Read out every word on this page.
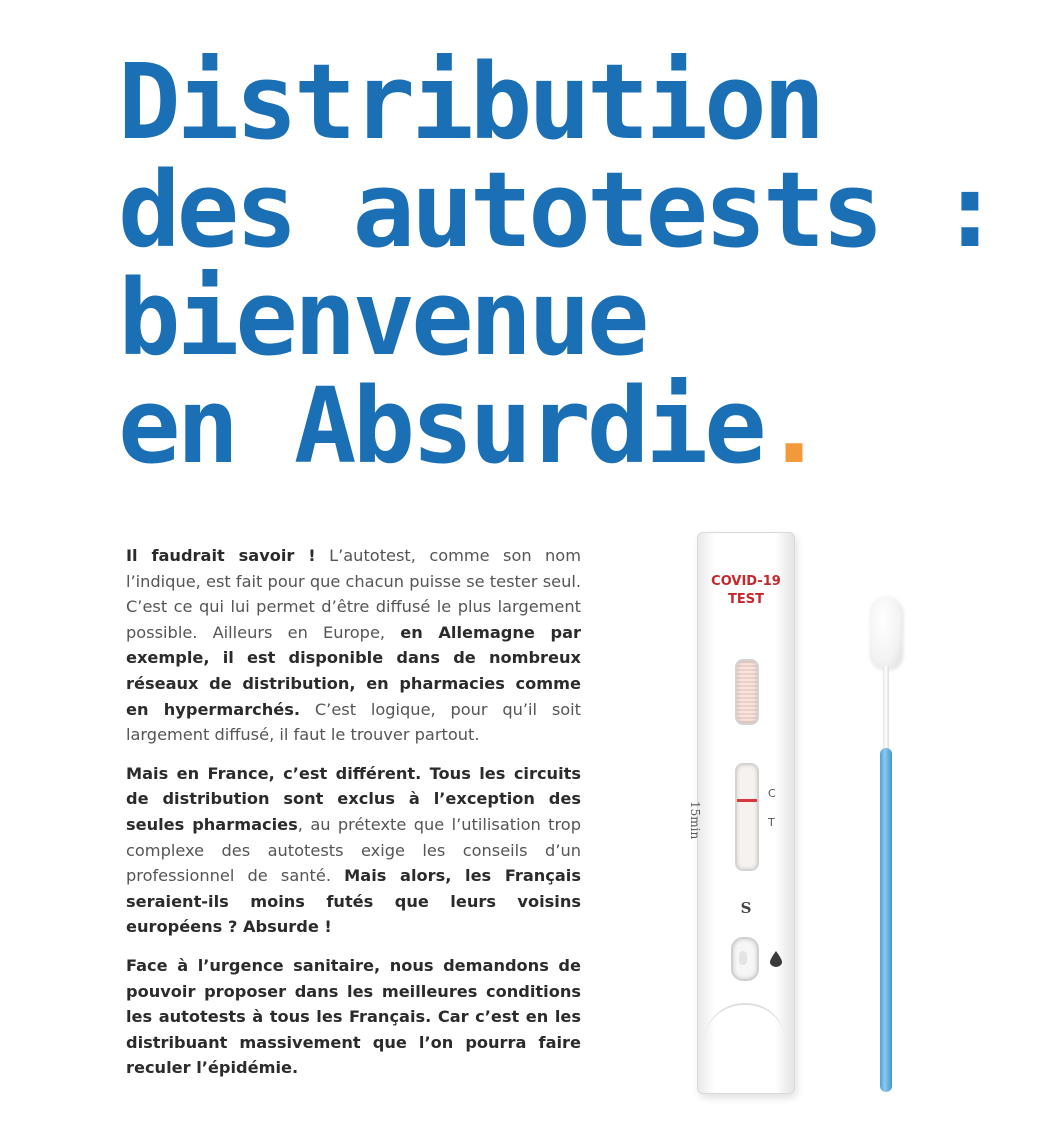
Distribution
des autotests :
bienvenue
en Absurdie.

Il faudrait savoir ! L’autotest, comme son nom l’indique, est fait pour que chacun puisse se tester seul. C’est ce qui lui permet d’être diffusé le plus largement possible. Ailleurs en Europe, en Allemagne par exemple, il est disponible dans de nombreux réseaux de distribution, en pharmacies comme en hypermarchés. C’est logique, pour qu’il soit largement diffusé, il faut le trouver partout.

Mais en France, c’est différent. Tous les circuits de distribution sont exclus à l’exception des seules pharmacies, au prétexte que l’utilisation trop complexe des autotests exige les conseils d’un professionnel de santé. Mais alors, les Français seraient-ils moins futés que leurs voisins européens ? Absurde !

Face à l’urgence sanitaire, nous demandons de pouvoir proposer dans les meilleures conditions les autotests à tous les Français. Car c’est en les distribuant massivement que l’on pourra faire reculer l’épidémie.

COVID-19
TEST
C
T
15min
S
